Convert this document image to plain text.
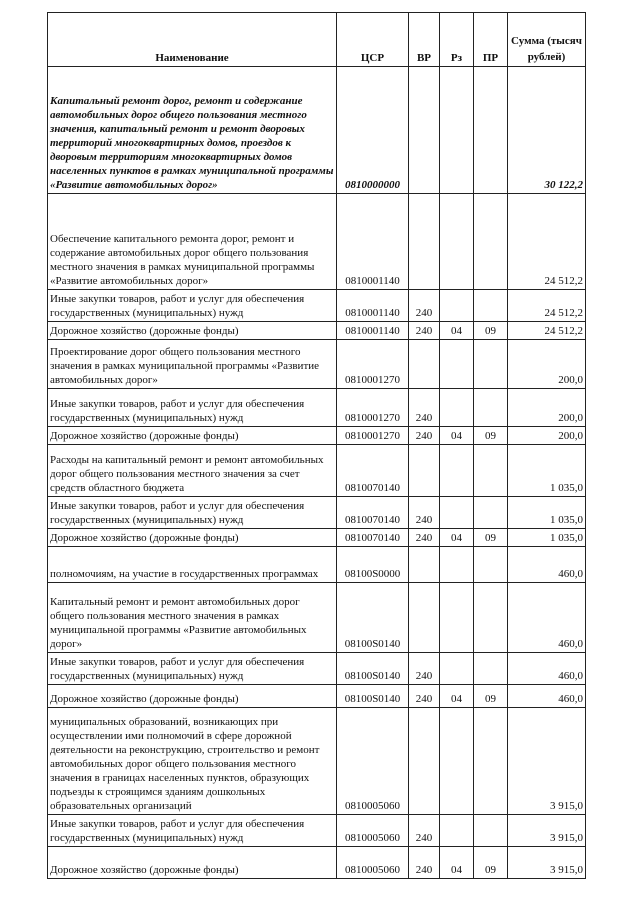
Наименование	ЦСР	ВР	Рз	ПР	Сумма (тысяч рублей)
Капитальный ремонт дорог, ремонт и содержание автомобильных дорог общего пользования местного значения, капитальный ремонт и ремонт дворовых территорий многоквартирных домов, проездов к дворовым территориям многоквартирных домов населенных пунктов в рамках муниципальной программы «Развитие автомобильных дорог»	0810000000				30 122,2
Обеспечение капитального ремонта дорог, ремонт и содержание автомобильных дорог общего пользования местного значения в рамках муниципальной программы «Развитие автомобильных дорог»	0810001140				24 512,2
Иные закупки товаров, работ и услуг для обеспечения государственных (муниципальных) нужд	0810001140	240			24 512,2
Дорожное хозяйство (дорожные фонды)	0810001140	240	04	09	24 512,2
Проектирование дорог общего пользования местного значения в рамках муниципальной программы «Развитие автомобильных дорог»	0810001270				200,0
Иные закупки товаров, работ и услуг для обеспечения государственных (муниципальных) нужд	0810001270	240			200,0
Дорожное хозяйство (дорожные фонды)	0810001270	240	04	09	200,0
Расходы на капитальный ремонт и ремонт автомобильных дорог общего пользования местного значения за счет средств областного бюджета	0810070140				1 035,0
Иные закупки товаров, работ и услуг для обеспечения государственных (муниципальных) нужд	0810070140	240			1 035,0
Дорожное хозяйство (дорожные фонды)	0810070140	240	04	09	1 035,0
полномочиям, на участие в государственных программах	08100S0000				460,0
Капитальный ремонт и ремонт автомобильных дорог общего пользования местного значения в рамках муниципальной программы «Развитие автомобильных дорог»	08100S0140				460,0
Иные закупки товаров, работ и услуг для обеспечения государственных (муниципальных) нужд	08100S0140	240			460,0
Дорожное хозяйство (дорожные фонды)	08100S0140	240	04	09	460,0
муниципальных образований, возникающих при осуществлении ими полномочий в сфере дорожной деятельности на реконструкцию, строительство и ремонт автомобильных дорог общего пользования местного значения в границах населенных пунктов, образующих подъезды к строящимся зданиям дошкольных образовательных организаций	0810005060				3 915,0
Иные закупки товаров, работ и услуг для обеспечения государственных (муниципальных) нужд	0810005060	240			3 915,0
Дорожное хозяйство (дорожные фонды)	0810005060	240	04	09	3 915,0
